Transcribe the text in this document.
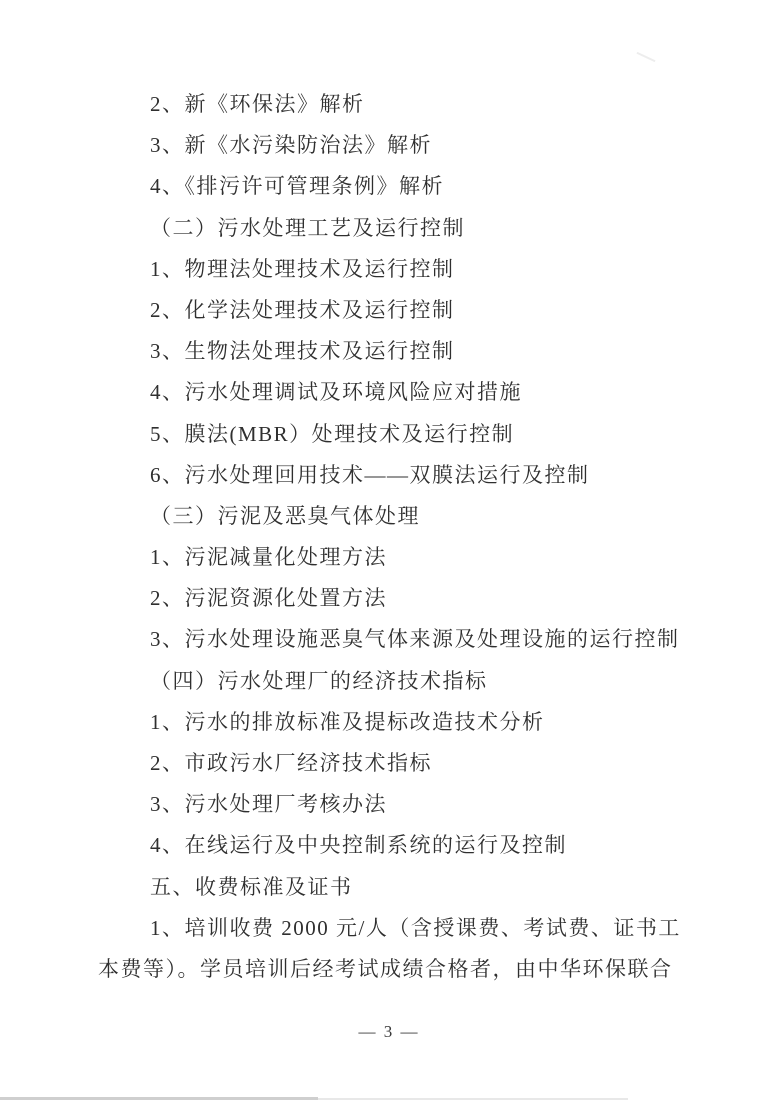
2、新《环保法》解析
3、新《水污染防治法》解析
4、《排污许可管理条例》解析
（二）污水处理工艺及运行控制
1、物理法处理技术及运行控制
2、化学法处理技术及运行控制
3、生物法处理技术及运行控制
4、污水处理调试及环境风险应对措施
5、膜法(MBR）处理技术及运行控制
6、污水处理回用技术——双膜法运行及控制
（三）污泥及恶臭气体处理
1、污泥减量化处理方法
2、污泥资源化处置方法
3、污水处理设施恶臭气体来源及处理设施的运行控制
（四）污水处理厂的经济技术指标
1、污水的排放标准及提标改造技术分析
2、市政污水厂经济技术指标
3、污水处理厂考核办法
4、在线运行及中央控制系统的运行及控制
五、收费标准及证书
1、培训收费 2000 元/人（含授课费、考试费、证书工
本费等）。学员培训后经考试成绩合格者，由中华环保联合
— 3 —
